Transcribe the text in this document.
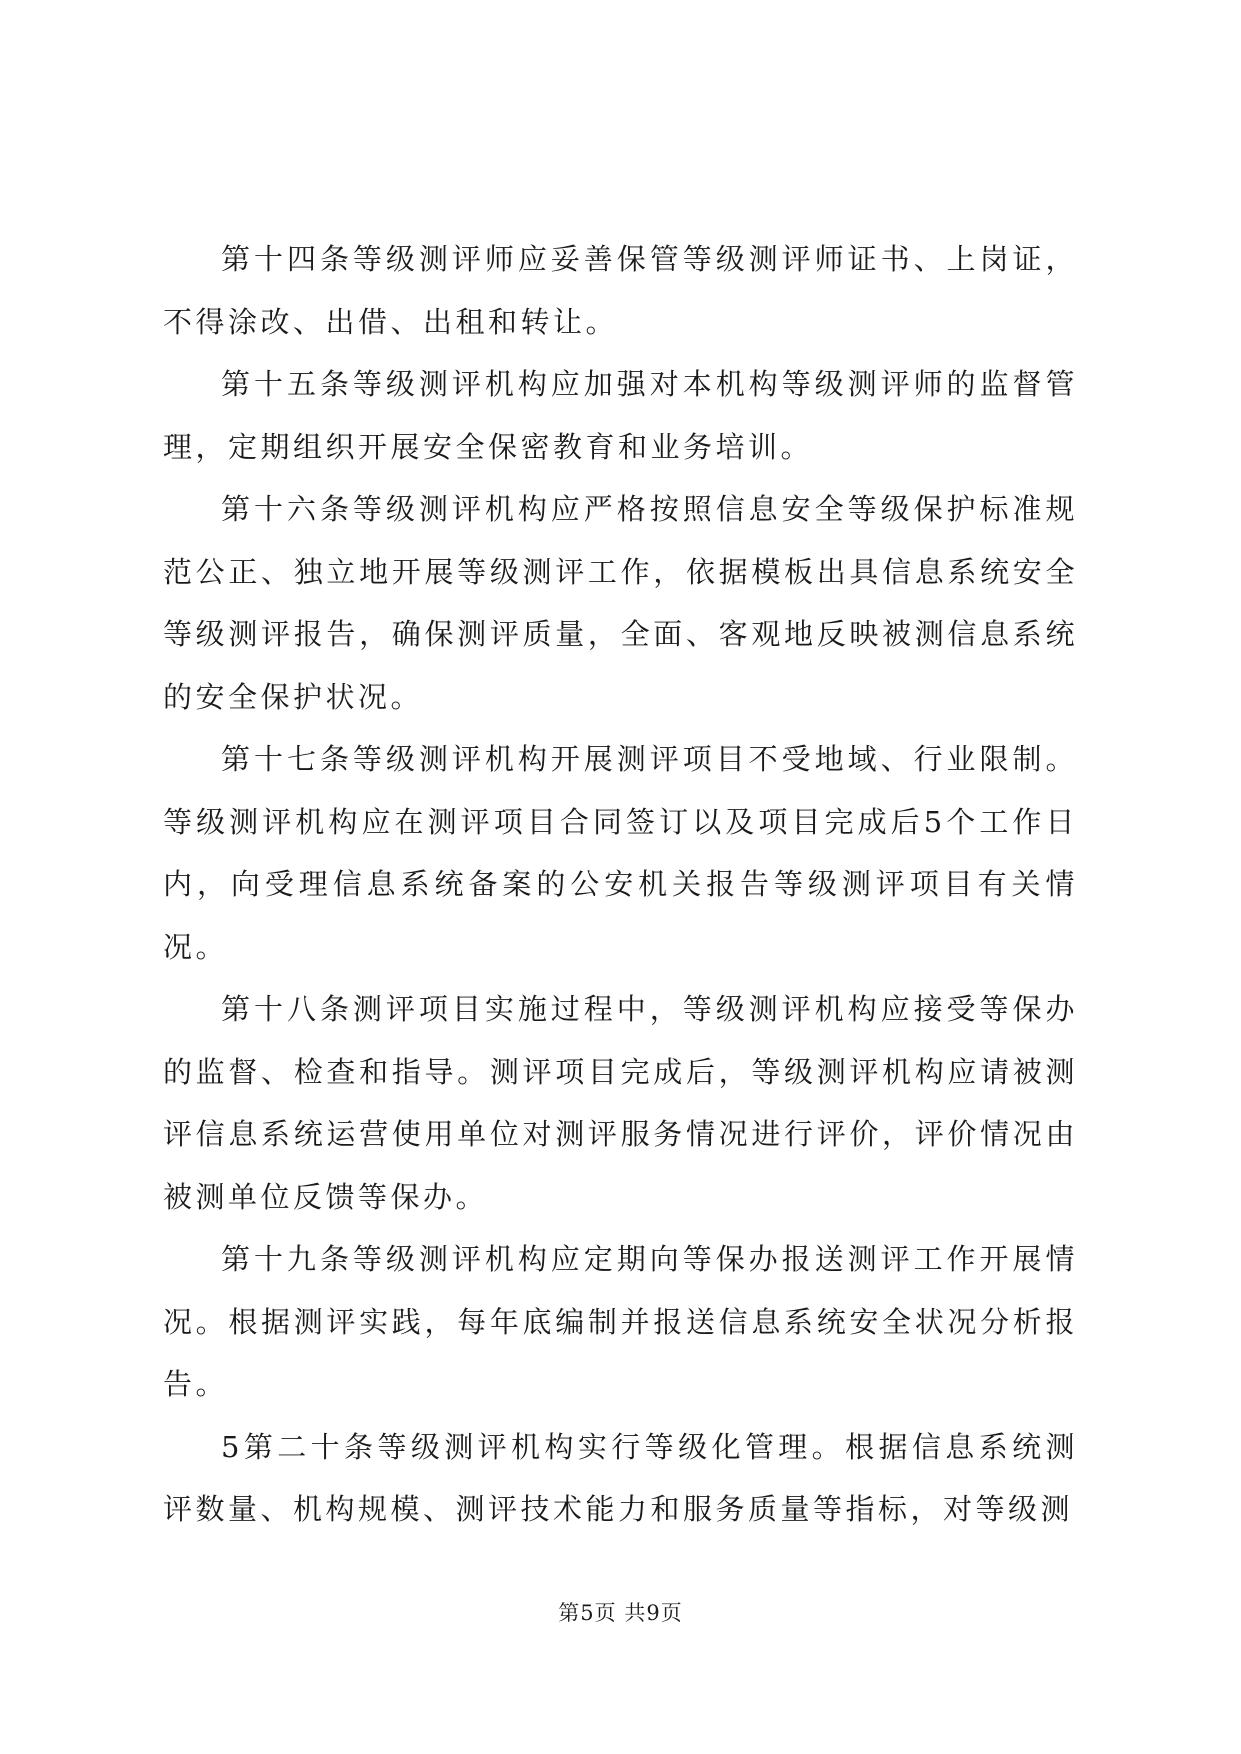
第十四条等级测评师应妥善保管等级测评师证书、上岗证，不得涂改、出借、出租和转让。

第十五条等级测评机构应加强对本机构等级测评师的监督管理，定期组织开展安全保密教育和业务培训。

第十六条等级测评机构应严格按照信息安全等级保护标准规范公正、独立地开展等级测评工作，依据模板出具信息系统安全等级测评报告，确保测评质量，全面、客观地反映被测信息系统的安全保护状况。

第十七条等级测评机构开展测评项目不受地域、行业限制。等级测评机构应在测评项目合同签订以及项目完成后5个工作日内，向受理信息系统备案的公安机关报告等级测评项目有关情况。

第十八条测评项目实施过程中，等级测评机构应接受等保办的监督、检查和指导。测评项目完成后，等级测评机构应请被测评信息系统运营使用单位对测评服务情况进行评价，评价情况由被测单位反馈等保办。

第十九条等级测评机构应定期向等保办报送测评工作开展情况。根据测评实践，每年底编制并报送信息系统安全状况分析报告。

5第二十条等级测评机构实行等级化管理。根据信息系统测评数量、机构规模、测评技术能力和服务质量等指标，对等级测

第5页 共9页
